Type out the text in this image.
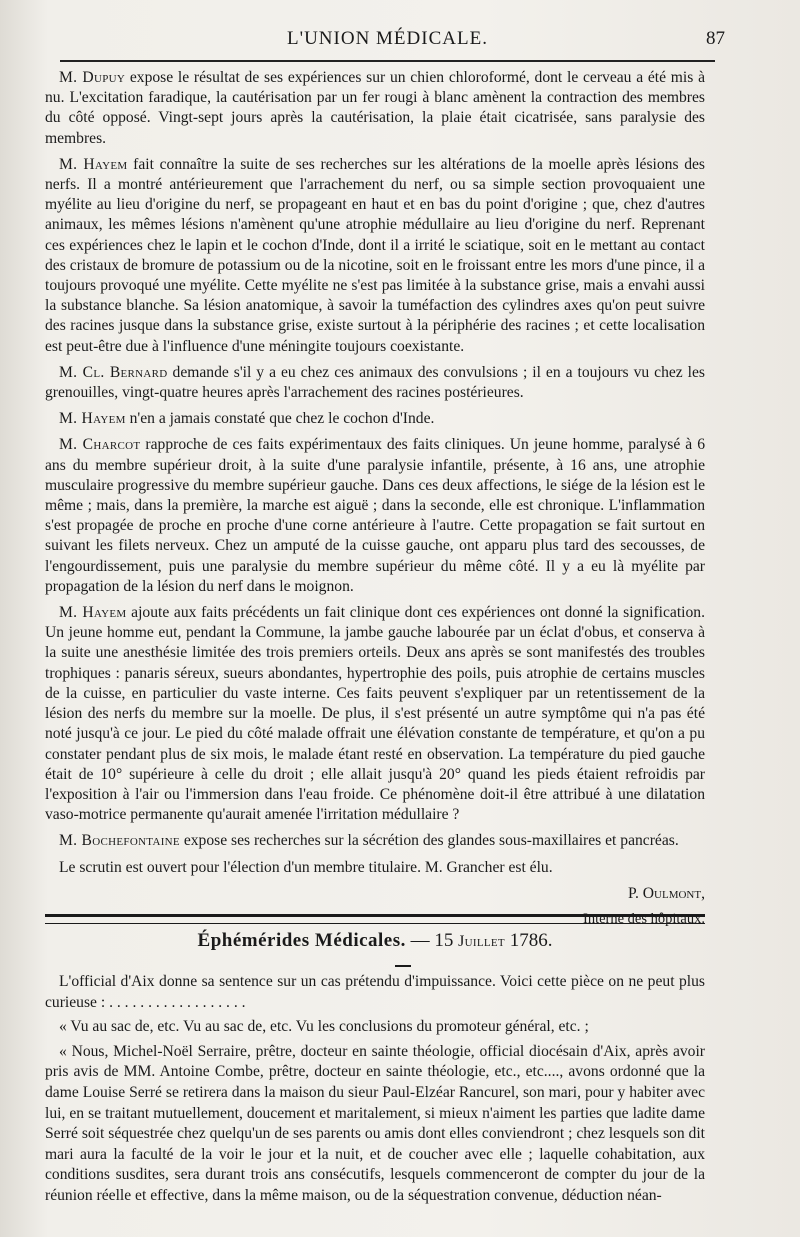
L'UNION MÉDICALE.	87

M. Dupuy expose le résultat de ses expériences sur un chien chloroformé, dont le cerveau a été mis à nu. L'excitation faradique, la cautérisation par un fer rougi à blanc amènent la contraction des membres du côté opposé. Vingt-sept jours après la cautérisation, la plaie était cicatrisée, sans paralysie des membres.

M. Hayem fait connaître la suite de ses recherches sur les altérations de la moelle après lésions des nerfs. Il a montré antérieurement que l'arrachement du nerf, ou sa simple section provoquaient une myélite au lieu d'origine du nerf, se propageant en haut et en bas du point d'origine ; que, chez d'autres animaux, les mêmes lésions n'amènent qu'une atrophie médullaire au lieu d'origine du nerf. Reprenant ces expériences chez le lapin et le cochon d'Inde, dont il a irrité le sciatique, soit en le mettant au contact des cristaux de bromure de potassium ou de la nicotine, soit en le froissant entre les mors d'une pince, il a toujours provoqué une myélite. Cette myélite ne s'est pas limitée à la substance grise, mais a envahi aussi la substance blanche. Sa lésion anatomique, à savoir la tuméfaction des cylindres axes qu'on peut suivre des racines jusque dans la substance grise, existe surtout à la périphérie des racines ; et cette localisation est peut-être due à l'influence d'une méningite toujours coexistante.

M. Cl. Bernard demande s'il y a eu chez ces animaux des convulsions ; il en a toujours vu chez les grenouilles, vingt-quatre heures après l'arrachement des racines postérieures.

M. Hayem n'en a jamais constaté que chez le cochon d'Inde.

M. Charcot rapproche de ces faits expérimentaux des faits cliniques. Un jeune homme, paralysé à 6 ans du membre supérieur droit, à la suite d'une paralysie infantile, présente, à 16 ans, une atrophie musculaire progressive du membre supérieur gauche. Dans ces deux affections, le siége de la lésion est le même ; mais, dans la première, la marche est aiguë ; dans la seconde, elle est chronique. L'inflammation s'est propagée de proche en proche d'une corne antérieure à l'autre. Cette propagation se fait surtout en suivant les filets nerveux. Chez un amputé de la cuisse gauche, ont apparu plus tard des secousses, de l'engourdissement, puis une paralysie du membre supérieur du même côté. Il y a eu là myélite par propagation de la lésion du nerf dans le moignon.

M. Hayem ajoute aux faits précédents un fait clinique dont ces expériences ont donné la signification. Un jeune homme eut, pendant la Commune, la jambe gauche labourée par un éclat d'obus, et conserva à la suite une anesthésie limitée des trois premiers orteils. Deux ans après se sont manifestés des troubles trophiques : panaris séreux, sueurs abondantes, hypertrophie des poils, puis atrophie de certains muscles de la cuisse, en particulier du vaste interne. Ces faits peuvent s'expliquer par un retentissement de la lésion des nerfs du membre sur la moelle. De plus, il s'est présenté un autre symptôme qui n'a pas été noté jusqu'à ce jour. Le pied du côté malade offrait une élévation constante de température, et qu'on a pu constater pendant plus de six mois, le malade étant resté en observation. La température du pied gauche était de 10° supérieure à celle du droit ; elle allait jusqu'à 20° quand les pieds étaient refroidis par l'exposition à l'air ou l'immersion dans l'eau froide. Ce phénomène doit-il être attribué à une dilatation vaso-motrice permanente qu'aurait amenée l'irritation médullaire ?

M. Bochefontaine expose ses recherches sur la sécrétion des glandes sous-maxillaires et pancréas.

Le scrutin est ouvert pour l'élection d'un membre titulaire. M. Grancher est élu.

P. Oulmont,

Interne des hôpitaux.

Éphémérides Médicales. — 15 Juillet 1786.

L'official d'Aix donne sa sentence sur un cas prétendu d'impuissance. Voici cette pièce on ne peut plus curieuse : . . . . . . . . . . . . . . . . . .

« Vu au sac de, etc. Vu au sac de, etc. Vu les conclusions du promoteur général, etc. ;

« Nous, Michel-Noël Serraire, prêtre, docteur en sainte théologie, official diocésain d'Aix, après avoir pris avis de MM. Antoine Combe, prêtre, docteur en sainte théologie, etc., etc...., avons ordonné que la dame Louise Serré se retirera dans la maison du sieur Paul-Elzéar Rancurel, son mari, pour y habiter avec lui, en se traitant mutuellement, doucement et maritalement, si mieux n'aiment les parties que ladite dame Serré soit séquestrée chez quelqu'un de ses parents ou amis dont elles conviendront ; chez lesquels son dit mari aura la faculté de la voir le jour et la nuit, et de coucher avec elle ; laquelle cohabitation, aux conditions susdites, sera durant trois ans consécutifs, lesquels commenceront de compter du jour de la réunion réelle et effective, dans la même maison, ou de la séquestration convenue, déduction néan-
